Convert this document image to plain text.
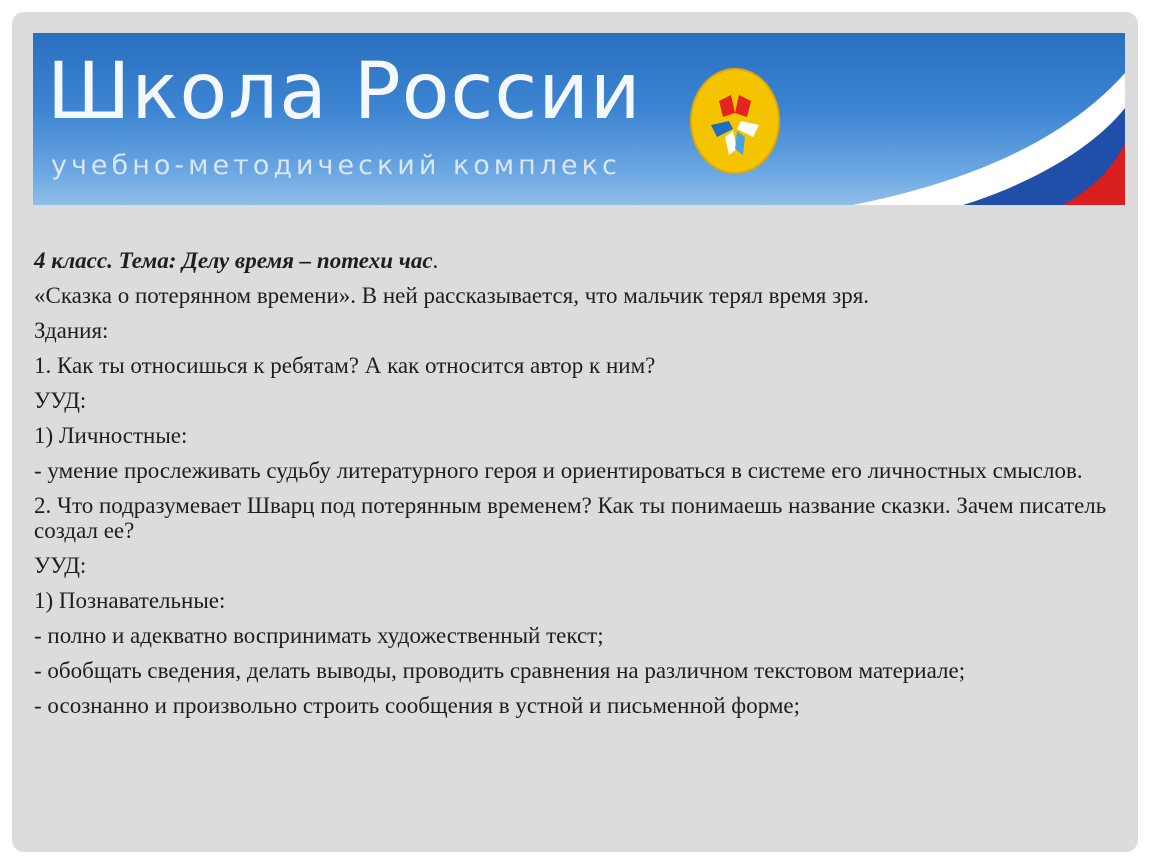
Школа России
учебно-методический комплекс

4 класс. Тема: Делу время – потехи час.

«Сказка о потерянном времени». В ней рассказывается, что мальчик терял время зря.

Здания:

1. Как ты относишься к ребятам? А как относится автор к ним?

УУД:

1) Личностные:

- умение прослеживать судьбу литературного героя и ориентироваться в системе его личностных смыслов.

2. Что подразумевает Шварц под потерянным временем? Как ты понимаешь название сказки. Зачем писатель создал ее?

УУД:

1) Познавательные:

- полно и адекватно воспринимать художественный текст;

- обобщать сведения, делать выводы, проводить сравнения на различном текстовом материале;

- осознанно и произвольно строить сообщения в устной и письменной форме;
